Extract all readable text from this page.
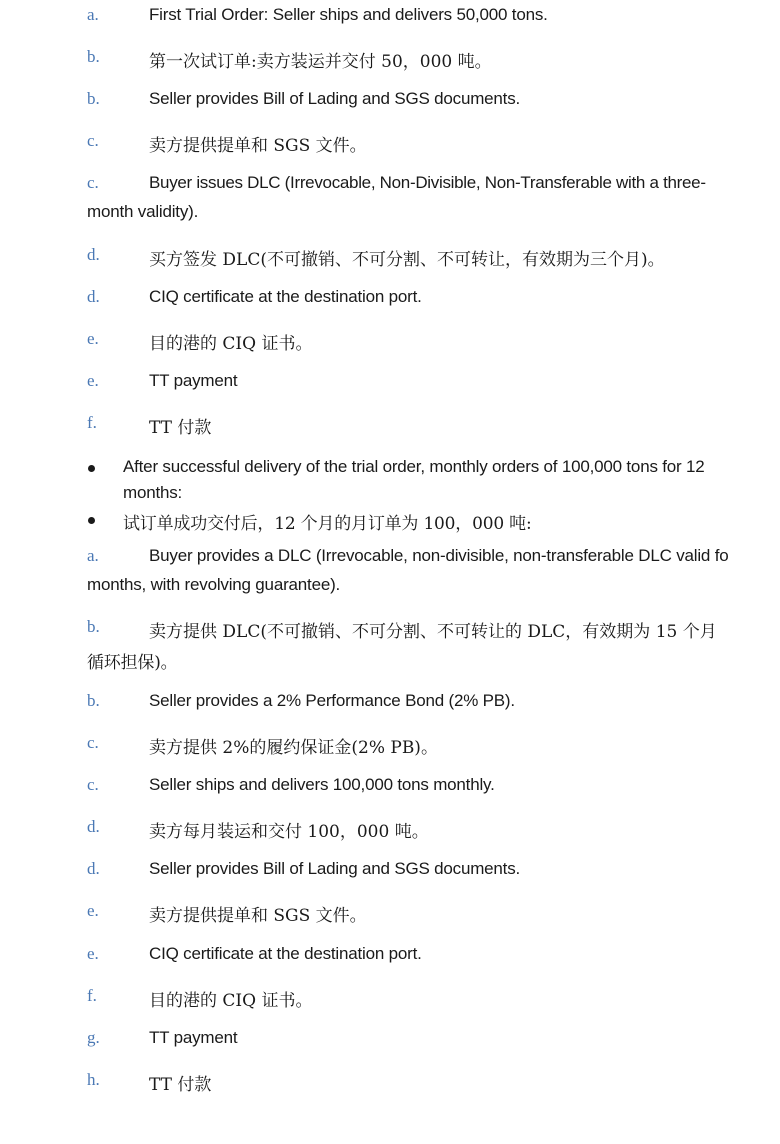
a.	First Trial Order: Seller ships and delivers 50,000 tons.
b.	第一次试订单:卖方装运并交付 50，000 吨。
b.	Seller provides Bill of Lading and SGS documents.
c.	卖方提供提单和 SGS 文件。
c.	Buyer issues DLC (Irrevocable, Non-Divisible, Non-Transferable with a three-
month validity).
d.	买方签发 DLC(不可撤销、不可分割、不可转让，有效期为三个月)。
d.	CIQ certificate at the destination port.
e.	目的港的 CIQ 证书。
e.	TT payment
f.	TT 付款
After successful delivery of the trial order, monthly orders of 100,000 tons for 12
months:
试订单成功交付后，12 个月的月订单为 100，000 吨:
a.	Buyer provides a DLC (Irrevocable, non-divisible, non-transferable DLC valid fo
months, with revolving guarantee).
b.	卖方提供 DLC(不可撤销、不可分割、不可转让的 DLC，有效期为 15 个月
循环担保)。
b.	Seller provides a 2% Performance Bond (2% PB).
c.	卖方提供 2%的履约保证金(2% PB)。
c.	Seller ships and delivers 100,000 tons monthly.
d.	卖方每月装运和交付 100，000 吨。
d.	Seller provides Bill of Lading and SGS documents.
e.	卖方提供提单和 SGS 文件。
e.	CIQ certificate at the destination port.
f.	目的港的 CIQ 证书。
g.	TT payment
h.	TT 付款
